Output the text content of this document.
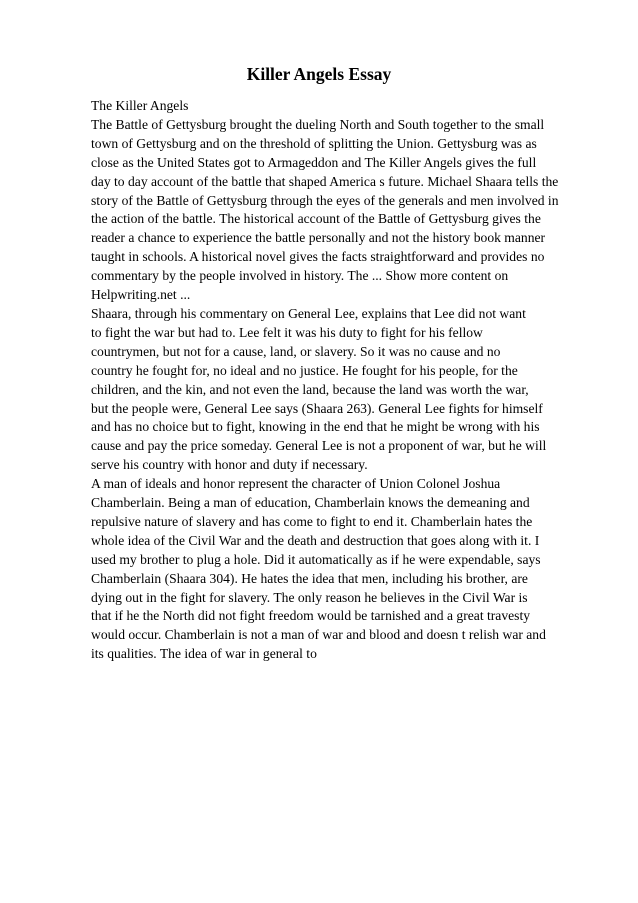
Killer Angels Essay
The Killer Angels
The Battle of Gettysburg brought the dueling North and South together to the small
town of Gettysburg and on the threshold of splitting the Union. Gettysburg was as
close as the United States got to Armageddon and The Killer Angels gives the full
day to day account of the battle that shaped America s future. Michael Shaara tells the
story of the Battle of Gettysburg through the eyes of the generals and men involved in
the action of the battle. The historical account of the Battle of Gettysburg gives the
reader a chance to experience the battle personally and not the history book manner
taught in schools. A historical novel gives the facts straightforward and provides no
commentary by the people involved in history. The ... Show more content on
Helpwriting.net ...
Shaara, through his commentary on General Lee, explains that Lee did not want
to fight the war but had to. Lee felt it was his duty to fight for his fellow
countrymen, but not for a cause, land, or slavery. So it was no cause and no
country he fought for, no ideal and no justice. He fought for his people, for the
children, and the kin, and not even the land, because the land was worth the war,
but the people were, General Lee says (Shaara 263). General Lee fights for himself
and has no choice but to fight, knowing in the end that he might be wrong with his
cause and pay the price someday. General Lee is not a proponent of war, but he will
serve his country with honor and duty if necessary.
A man of ideals and honor represent the character of Union Colonel Joshua
Chamberlain. Being a man of education, Chamberlain knows the demeaning and
repulsive nature of slavery and has come to fight to end it. Chamberlain hates the
whole idea of the Civil War and the death and destruction that goes along with it. I
used my brother to plug a hole. Did it automatically as if he were expendable, says
Chamberlain (Shaara 304). He hates the idea that men, including his brother, are
dying out in the fight for slavery. The only reason he believes in the Civil War is
that if he the North did not fight freedom would be tarnished and a great travesty
would occur. Chamberlain is not a man of war and blood and doesn t relish war and
its qualities. The idea of war in general to
